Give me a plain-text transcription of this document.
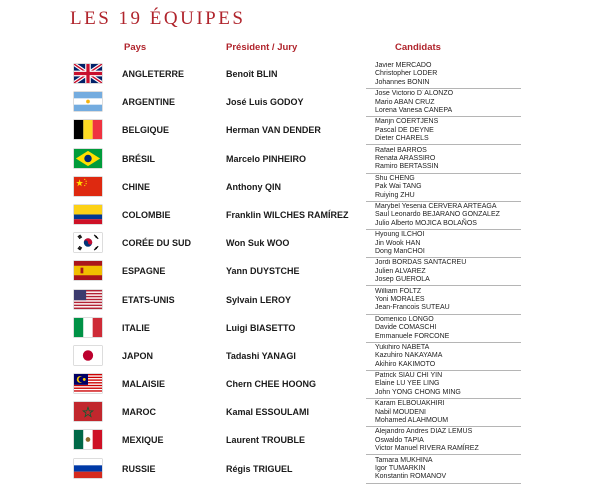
LES 19 ÉQUIPES
Pays	Président / Jury	Candidats
ANGLETERRE	Benoît BLIN
Javier MERCADO
Christopher LODER
Johannes BONIN
ARGENTINE	José Luis GODOY
Jose Victorio D´ALONZO
Mario ABAN CRUZ
Lorena Vanesa CANEPA
BELGIQUE	Herman VAN DENDER
Marijn COERTJENS
Pascal DE DEYNE
Dieter CHARELS
BRÉSIL	Marcelo PINHEIRO
Rafael BARROS
Renata ARASSIRO
Ramiro BERTASSIN
CHINE	Anthony QIN
Shu CHENG
Pak Wai TANG
Ruiying ZHU
COLOMBIE	Franklin WILCHES RAMÍREZ
Marybel Yesenia CERVERA ARTEAGA
Saul Leonardo BEJARANO GONZALEZ
Julio Alberto MOJICA BOLAÑOS
CORÉE DU SUD	Won Suk WOO
Hyoung ILCHOI
Jin Wook HAN
Dong ManCHOI
ESPAGNE	Yann DUYSTCHE
Jordi BORDAS SANTACREU
Julien ALVAREZ
Josep GUEROLA
ETATS-UNIS	Sylvain LEROY
William FOLTZ
Yoni MORALES
Jean-Francois SUTEAU
ITALIE	Luigi BIASETTO
Domenico LONGO
Davide COMASCHI
Emmanuele FORCONE
JAPON	Tadashi YANAGI
Yukihiro NABETA
Kazuhiro NAKAYAMA
Akihiro KAKIMOTO
MALAISIE	Chern CHEE HOONG
Patrick SIAU CHI YIN
Elaine LU YEE LING
John YONG CHONG MING
MAROC	Kamal ESSOULAMI
Karam ELBOUAKHIRI
Nabil MOUDENI
Mohamed ALAHMOUM
MEXIQUE	Laurent TROUBLE
Alejandro Andres DÍAZ LEMUS
Oswaldo TAPIA
Victor Manuel RIVERA RAMÍREZ
RUSSIE	Régis TRIGUEL
Tamara MUKHINA
Igor TUMARKIN
Konstantin ROMANOV
